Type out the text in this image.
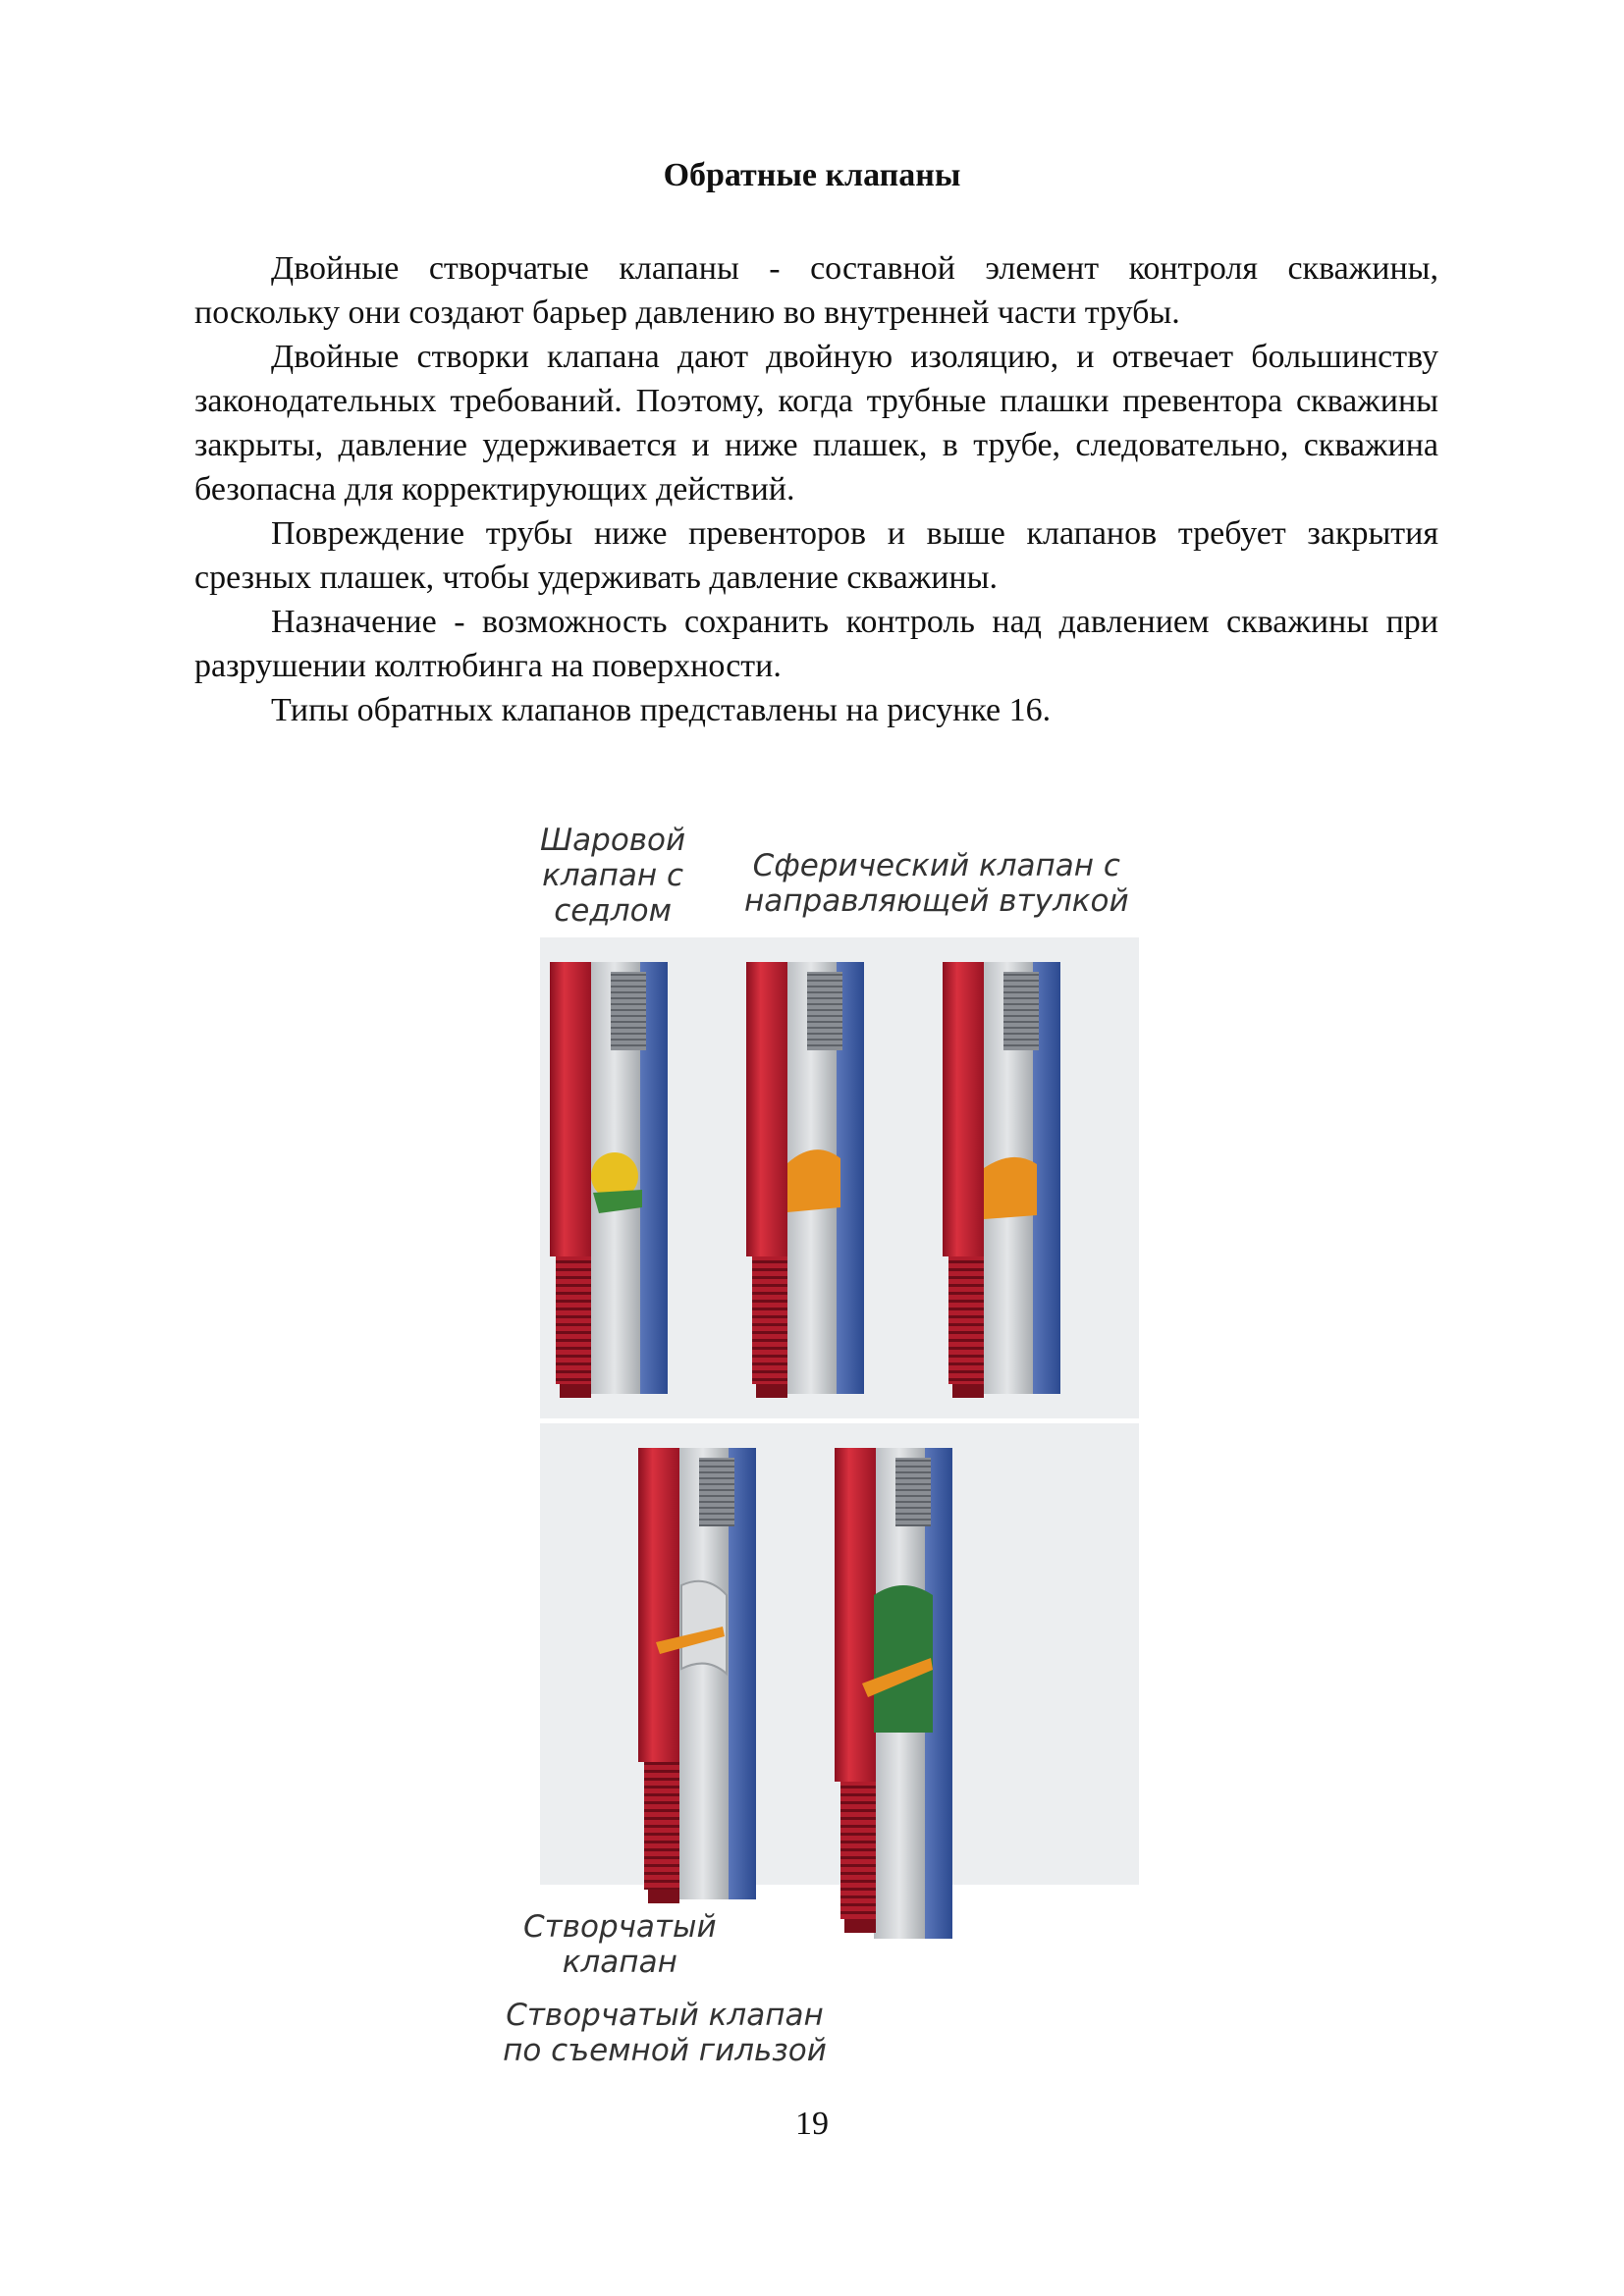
Обратные клапаны

Двойные створчатые клапаны - составной элемент контроля скважины, поскольку они создают барьер давлению во внутренней части трубы.

Двойные створки клапана дают двойную изоляцию, и отвечает большинству законодательных требований. Поэтому, когда трубные плашки превентора скважины закрыты, давление удерживается и ниже плашек, в трубе, следовательно, скважина безопасна для корректирующих действий.

Повреждение трубы ниже превенторов и выше клапанов требует закрытия срезных плашек, чтобы удерживать давление скважины.

Назначение - возможность сохранить контроль над давлением скважины при разрушении колтюбинга на поверхности.

Типы обратных клапанов представлены на рисунке 16.

Шаровой
клапан с
седлом
Сферический клапан с
направляющей втулкой
Створчатый
клапан
Створчатый клапан
по съемной гильзой
19
